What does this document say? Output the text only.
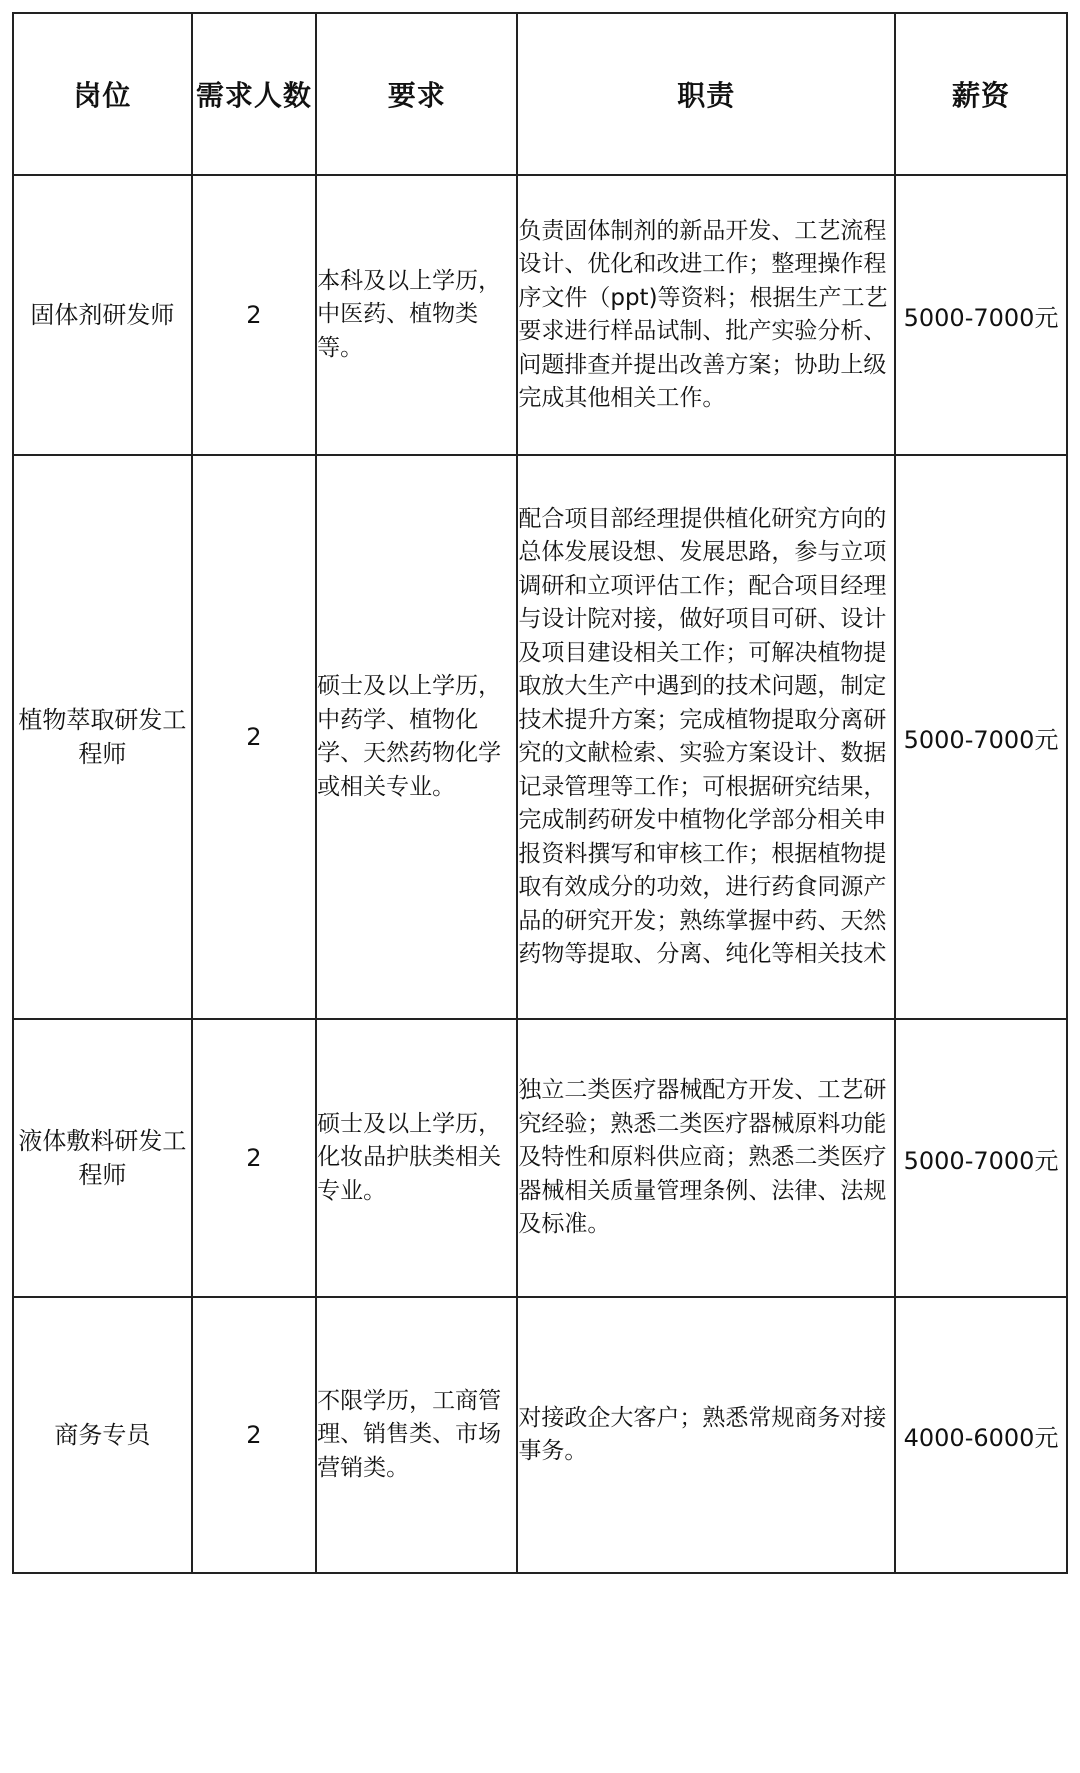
岗位	需求人数	要求	职责	薪资
固体剂研发师	2	本科及以上学历，中医药、植物类等。	负责固体制剂的新品开发、工艺流程设计、优化和改进工作；整理操作程序文件（ppt)等资料；根据生产工艺要求进行样品试制、批产实验分析、问题排查并提出改善方案；协助上级完成其他相关工作。	5000-7000元
植物萃取研发工程师	2	硕士及以上学历，中药学、植物化学、天然药物化学或相关专业。	配合项目部经理提供植化研究方向的总体发展设想、发展思路，参与立项调研和立项评估工作；配合项目经理与设计院对接，做好项目可研、设计及项目建设相关工作；可解决植物提取放大生产中遇到的技术问题，制定技术提升方案；完成植物提取分离研究的文献检索、实验方案设计、数据记录管理等工作；可根据研究结果，完成制药研发中植物化学部分相关申报资料撰写和审核工作；根据植物提取有效成分的功效，进行药食同源产品的研究开发；熟练掌握中药、天然药物等提取、分离、纯化等相关技术	5000-7000元
液体敷料研发工程师	2	硕士及以上学历，化妆品护肤类相关专业。	独立二类医疗器械配方开发、工艺研究经验；熟悉二类医疗器械原料功能及特性和原料供应商；熟悉二类医疗器械相关质量管理条例、法律、法规及标准。	5000-7000元
商务专员	2	不限学历，工商管理、销售类、市场营销类。	对接政企大客户；熟悉常规商务对接事务。	4000-6000元
